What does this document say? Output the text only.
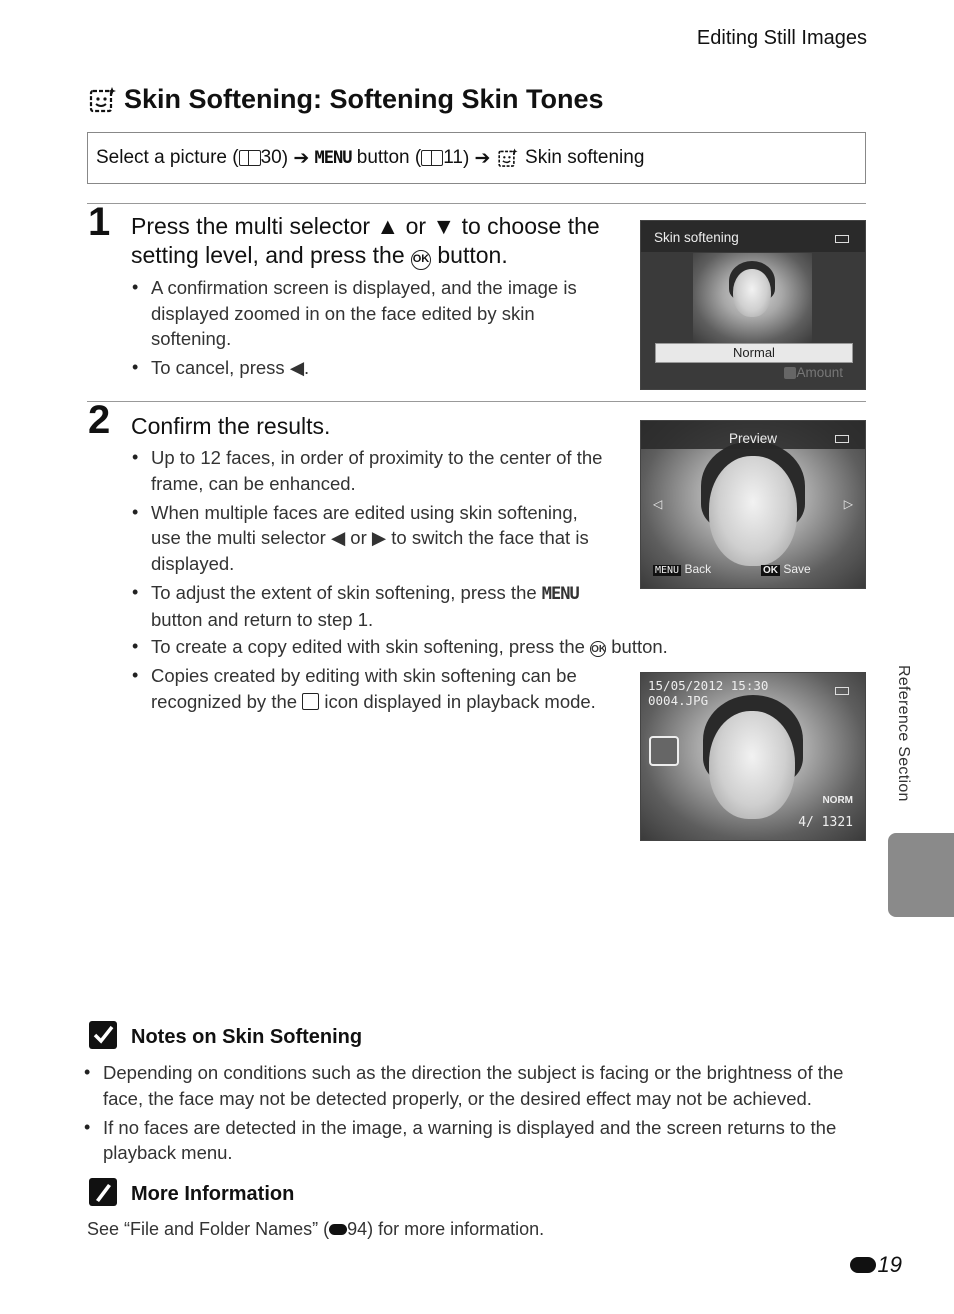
Editing Still Images
Skin Softening: Softening Skin Tones
Select a picture ( 30 ) ➔ MENU button ( 11 ) ➔ Skin softening
1 Press the multi selector ▲ or ▼ to choose the
setting level, and press the OK button.
• A confirmation screen is displayed, and the image is displayed zoomed in on the face edited by skin softening.
• To cancel, press ◀.
Skin softening
Normal
Amount
2 Confirm the results.
• Up to 12 faces, in order of proximity to the center of the frame, can be enhanced.
• When multiple faces are edited using skin softening, use the multi selector ◀ or ▶ to switch the face that is displayed.
• To adjust the extent of skin softening, press the MENU button and return to step 1.
• To create a copy edited with skin softening, press the OK button.
• Copies created by editing with skin softening can be recognized by the icon displayed in playback mode.
Preview
◁	▷
MENU Back	OK Save
15/05/2012 15:30
0004.JPG
NORM
4/ 1321
Reference Section
Notes on Skin Softening
• Depending on conditions such as the direction the subject is facing or the brightness of the face, the face may not be detected properly, or the desired effect may not be achieved.
• If no faces are detected in the image, a warning is displayed and the screen returns to the playback menu.
More Information
See “File and Folder Names” ( 94) for more information.
19
